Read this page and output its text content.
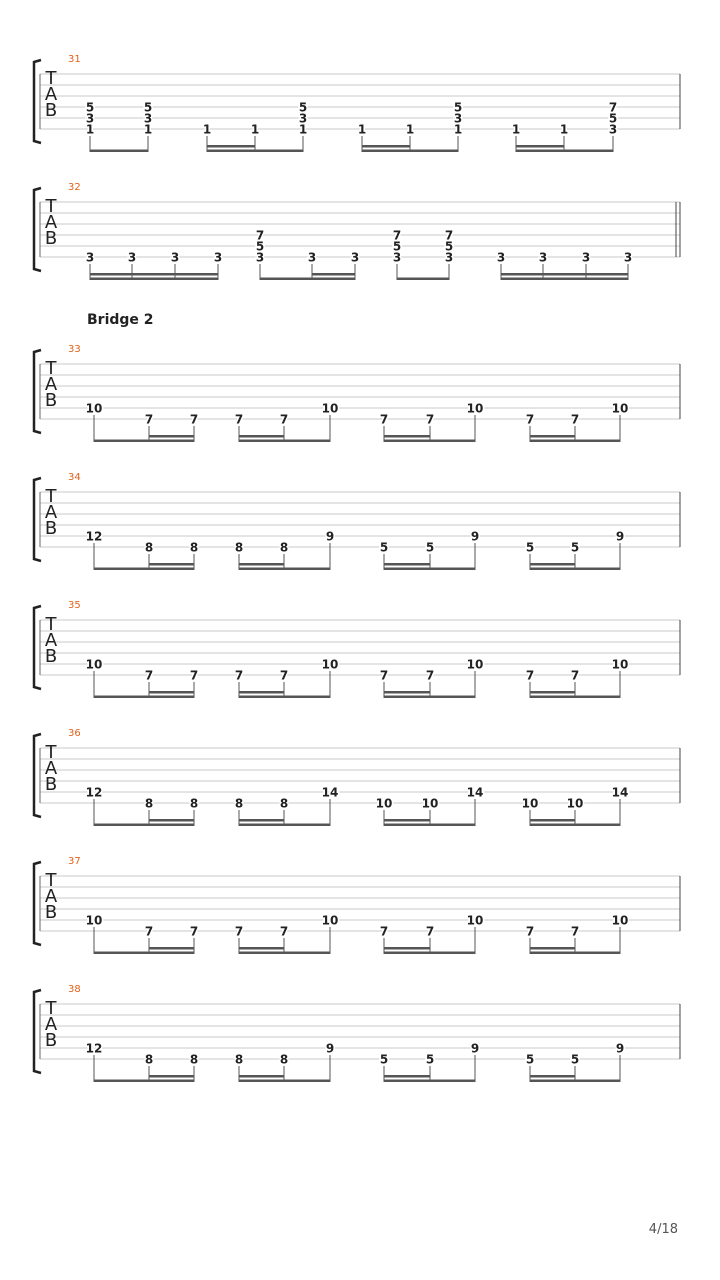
T
A
B
31
5
3
1
5
3
1	1	1
5
3
1	1	1
5
3
1	1	1
7
5
3
T
A
B
32
3	3	3	3
7
5
3	3	3
7
5
3
7
5
3	3	3	3	3
T
A
B
33
Bridge 2
10
7	7	7	7
10
7	7
10
7	7
10
T
A
B
34
12
8	8	8	8
9
5	5
9
5	5
9
T
A
B
35
10
7	7	7	7
10
7	7
10
7	7
10
T
A
B
36
12
8	8	8	8
14
10 10
14
10 10
14
T
A
B
37
10
7	7	7	7
10
7	7
10
7	7
10
T
A
B
38
12
8	8	8	8
9
5	5
9
5	5
9
4/18
